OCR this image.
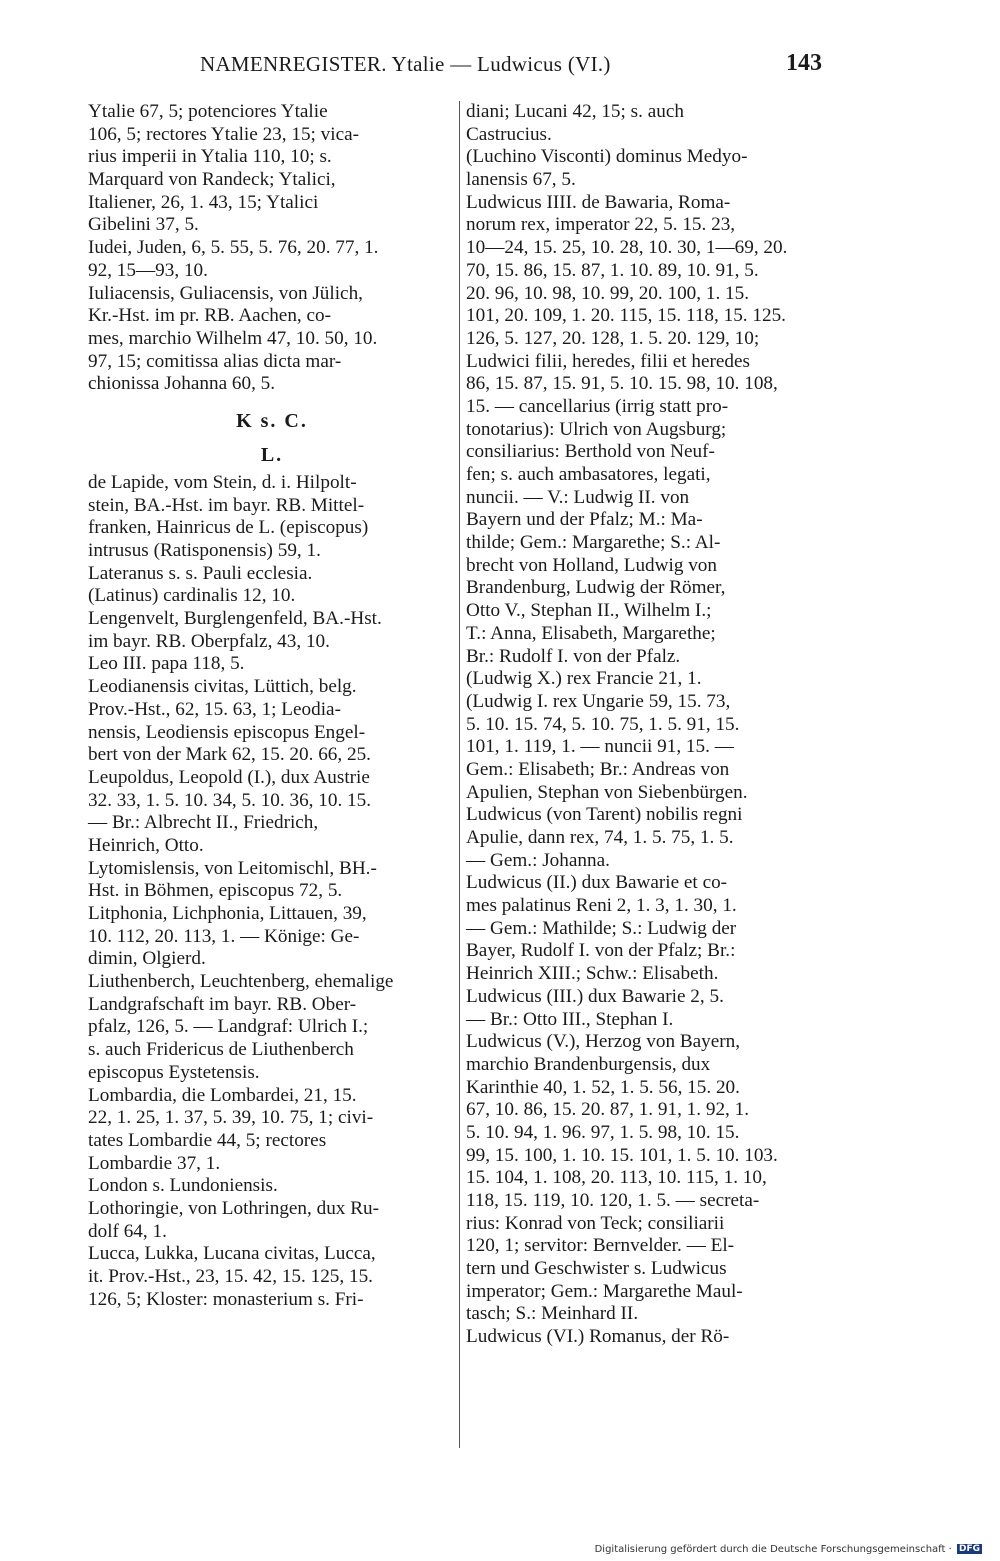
NAMENREGISTER. Ytalie — Ludwicus (VI.)	143
Ytalie 67, 5; potenciores Ytalie
106, 5; rectores Ytalie 23, 15; vica-
rius imperii in Ytalia 110, 10; s.
Marquard von Randeck; Ytalici,
Italiener, 26, 1. 43, 15; Ytalici
Gibelini 37, 5.
Iudei, Juden, 6, 5. 55, 5. 76, 20. 77, 1.
92, 15—93, 10.
Iuliacensis, Guliacensis, von Jülich,
Kr.-Hst. im pr. RB. Aachen, co-
mes, marchio Wilhelm 47, 10. 50, 10.
97, 15; comitissa alias dicta mar-
chionissa Johanna 60, 5.
K s. C.
L.
de Lapide, vom Stein, d. i. Hilpolt-
stein, BA.-Hst. im bayr. RB. Mittel-
franken, Hainricus de L. (episcopus)
intrusus (Ratisponensis) 59, 1.
Lateranus s. s. Pauli ecclesia.
(Latinus) cardinalis 12, 10.
Lengenvelt, Burglengenfeld, BA.-Hst.
im bayr. RB. Oberpfalz, 43, 10.
Leo III. papa 118, 5.
Leodianensis civitas, Lüttich, belg.
Prov.-Hst., 62, 15. 63, 1; Leodia-
nensis, Leodiensis episcopus Engel-
bert von der Mark 62, 15. 20. 66, 25.
Leupoldus, Leopold (I.), dux Austrie
32. 33, 1. 5. 10. 34, 5. 10. 36, 10. 15.
— Br.: Albrecht II., Friedrich,
Heinrich, Otto.
Lytomislensis, von Leitomischl, BH.-
Hst. in Böhmen, episcopus 72, 5.
Litphonia, Lichphonia, Littauen, 39,
10. 112, 20. 113, 1. — Könige: Ge-
dimin, Olgierd.
Liuthenberch, Leuchtenberg, ehemalige
Landgrafschaft im bayr. RB. Ober-
pfalz, 126, 5. — Landgraf: Ulrich I.;
s. auch Fridericus de Liuthenberch
episcopus Eystetensis.
Lombardia, die Lombardei, 21, 15.
22, 1. 25, 1. 37, 5. 39, 10. 75, 1; civi-
tates Lombardie 44, 5; rectores
Lombardie 37, 1.
London s. Lundoniensis.
Lothoringie, von Lothringen, dux Ru-
dolf 64, 1.
Lucca, Lukka, Lucana civitas, Lucca,
it. Prov.-Hst., 23, 15. 42, 15. 125, 15.
126, 5; Kloster: monasterium s. Fri-
diani; Lucani 42, 15; s. auch
Castrucius.
(Luchino Visconti) dominus Medyo-
lanensis 67, 5.
Ludwicus IIII. de Bawaria, Roma-
norum rex, imperator 22, 5. 15. 23,
10—24, 15. 25, 10. 28, 10. 30, 1—69, 20.
70, 15. 86, 15. 87, 1. 10. 89, 10. 91, 5.
20. 96, 10. 98, 10. 99, 20. 100, 1. 15.
101, 20. 109, 1. 20. 115, 15. 118, 15. 125.
126, 5. 127, 20. 128, 1. 5. 20. 129, 10;
Ludwici filii, heredes, filii et heredes
86, 15. 87, 15. 91, 5. 10. 15. 98, 10. 108,
15. — cancellarius (irrig statt pro-
tonotarius): Ulrich von Augsburg;
consiliarius: Berthold von Neuf-
fen; s. auch ambasatores, legati,
nuncii. — V.: Ludwig II. von
Bayern und der Pfalz; M.: Ma-
thilde; Gem.: Margarethe; S.: Al-
brecht von Holland, Ludwig von
Brandenburg, Ludwig der Römer,
Otto V., Stephan II., Wilhelm I.;
T.: Anna, Elisabeth, Margarethe;
Br.: Rudolf I. von der Pfalz.
(Ludwig X.) rex Francie 21, 1.
(Ludwig I. rex Ungarie 59, 15. 73,
5. 10. 15. 74, 5. 10. 75, 1. 5. 91, 15.
101, 1. 119, 1. — nuncii 91, 15. —
Gem.: Elisabeth; Br.: Andreas von
Apulien, Stephan von Siebenbürgen.
Ludwicus (von Tarent) nobilis regni
Apulie, dann rex, 74, 1. 5. 75, 1. 5.
— Gem.: Johanna.
Ludwicus (II.) dux Bawarie et co-
mes palatinus Reni 2, 1. 3, 1. 30, 1.
— Gem.: Mathilde; S.: Ludwig der
Bayer, Rudolf I. von der Pfalz; Br.:
Heinrich XIII.; Schw.: Elisabeth.
Ludwicus (III.) dux Bawarie 2, 5.
— Br.: Otto III., Stephan I.
Ludwicus (V.), Herzog von Bayern,
marchio Brandenburgensis, dux
Karinthie 40, 1. 52, 1. 5. 56, 15. 20.
67, 10. 86, 15. 20. 87, 1. 91, 1. 92, 1.
5. 10. 94, 1. 96. 97, 1. 5. 98, 10. 15.
99, 15. 100, 1. 10. 15. 101, 1. 5. 10. 103.
15. 104, 1. 108, 20. 113, 10. 115, 1. 10,
118, 15. 119, 10. 120, 1. 5. — secreta-
rius: Konrad von Teck; consiliarii
120, 1; servitor: Bernvelder. — El-
tern und Geschwister s. Ludwicus
imperator; Gem.: Margarethe Maul-
tasch; S.: Meinhard II.
Ludwicus (VI.) Romanus, der Rö-
Digitalisierung gefördert durch die Deutsche Forschungsgemeinschaft · DFG
